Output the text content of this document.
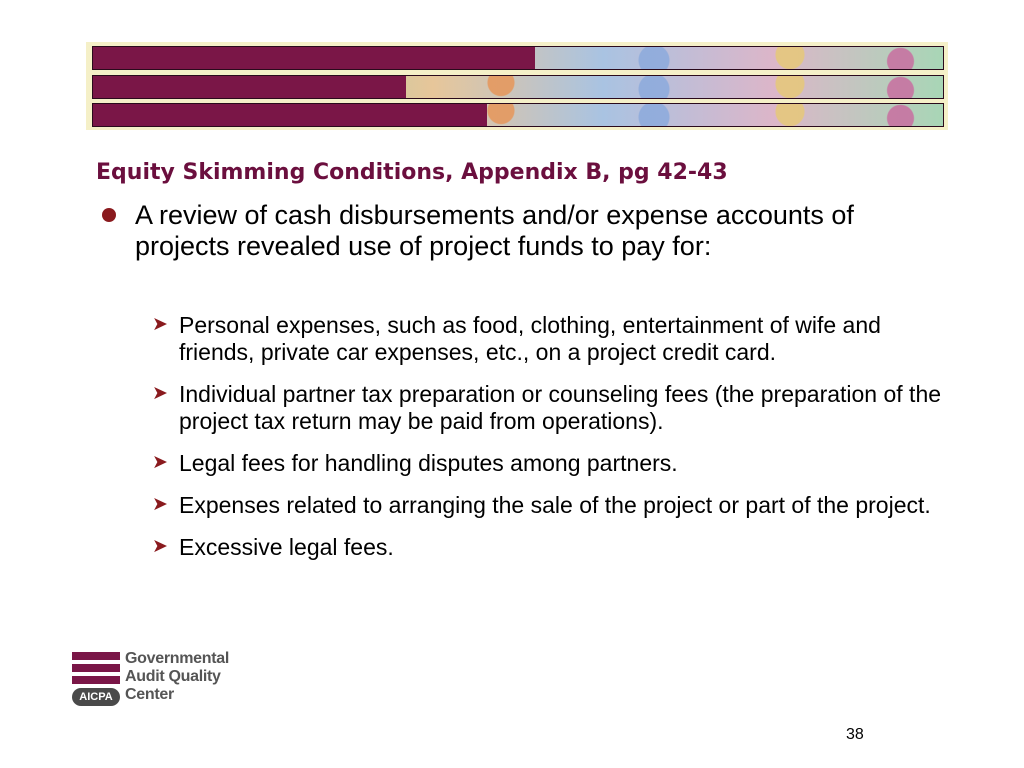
Equity Skimming Conditions, Appendix B, pg 42-43
A review of cash disbursements and/or expense accounts of projects revealed use of project funds to pay for:
➤ Personal expenses, such as food, clothing, entertainment of wife and friends, private car expenses, etc., on a project credit card.
➤ Individual partner tax preparation or counseling fees (the preparation of the project tax return may be paid from operations).
➤ Legal fees for handling disputes among partners.
➤ Expenses related to arranging the sale of the project or part of the project.
➤ Excessive legal fees.
Governmental
Audit Quality Center
AICPA
38
